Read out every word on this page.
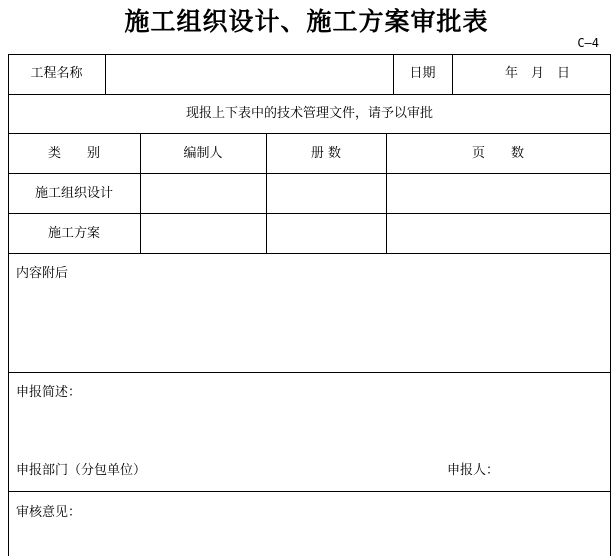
施工组织设计、施工方案审批表
C—4
工程名称	日期	年　月　日
现报上下表中的技术管理文件，请予以审批
类　　别	编制人	册 数	页　　数
施工组织设计
施工方案
内容附后
申报简述：
申报部门（分包单位）	申报人：
审核意见：
